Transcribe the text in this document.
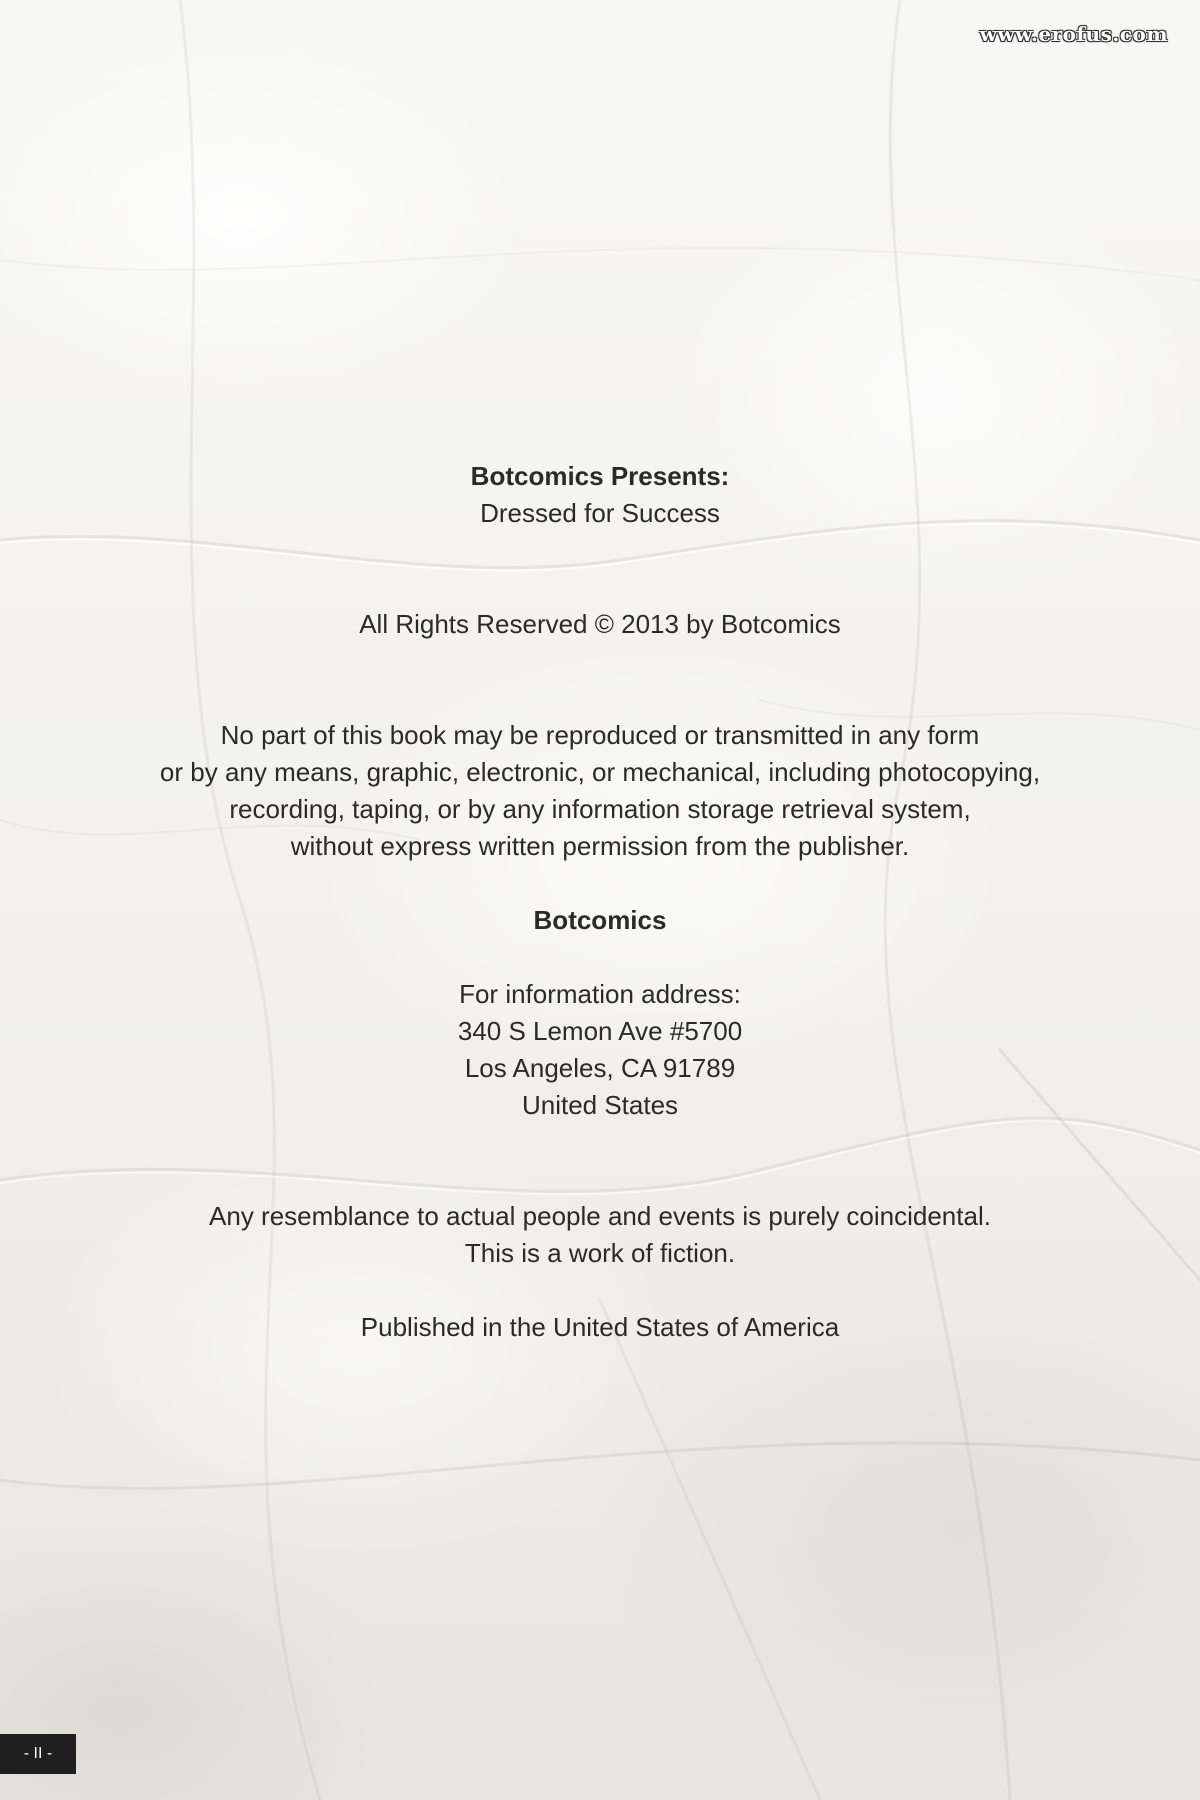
www.erofus.com

Botcomics Presents:

Dressed for Success

All Rights Reserved © 2013 by Botcomics

No part of this book may be reproduced or transmitted in any form

or by any means, graphic, electronic, or mechanical, including photocopying,

recording, taping, or by any information storage retrieval system,

without express written permission from the publisher.

Botcomics

For information address:

340 S Lemon Ave #5700

Los Angeles, CA 91789

United States

Any resemblance to actual people and events is purely coincidental.

This is a work of fiction.

Published in the United States of America

- II -
